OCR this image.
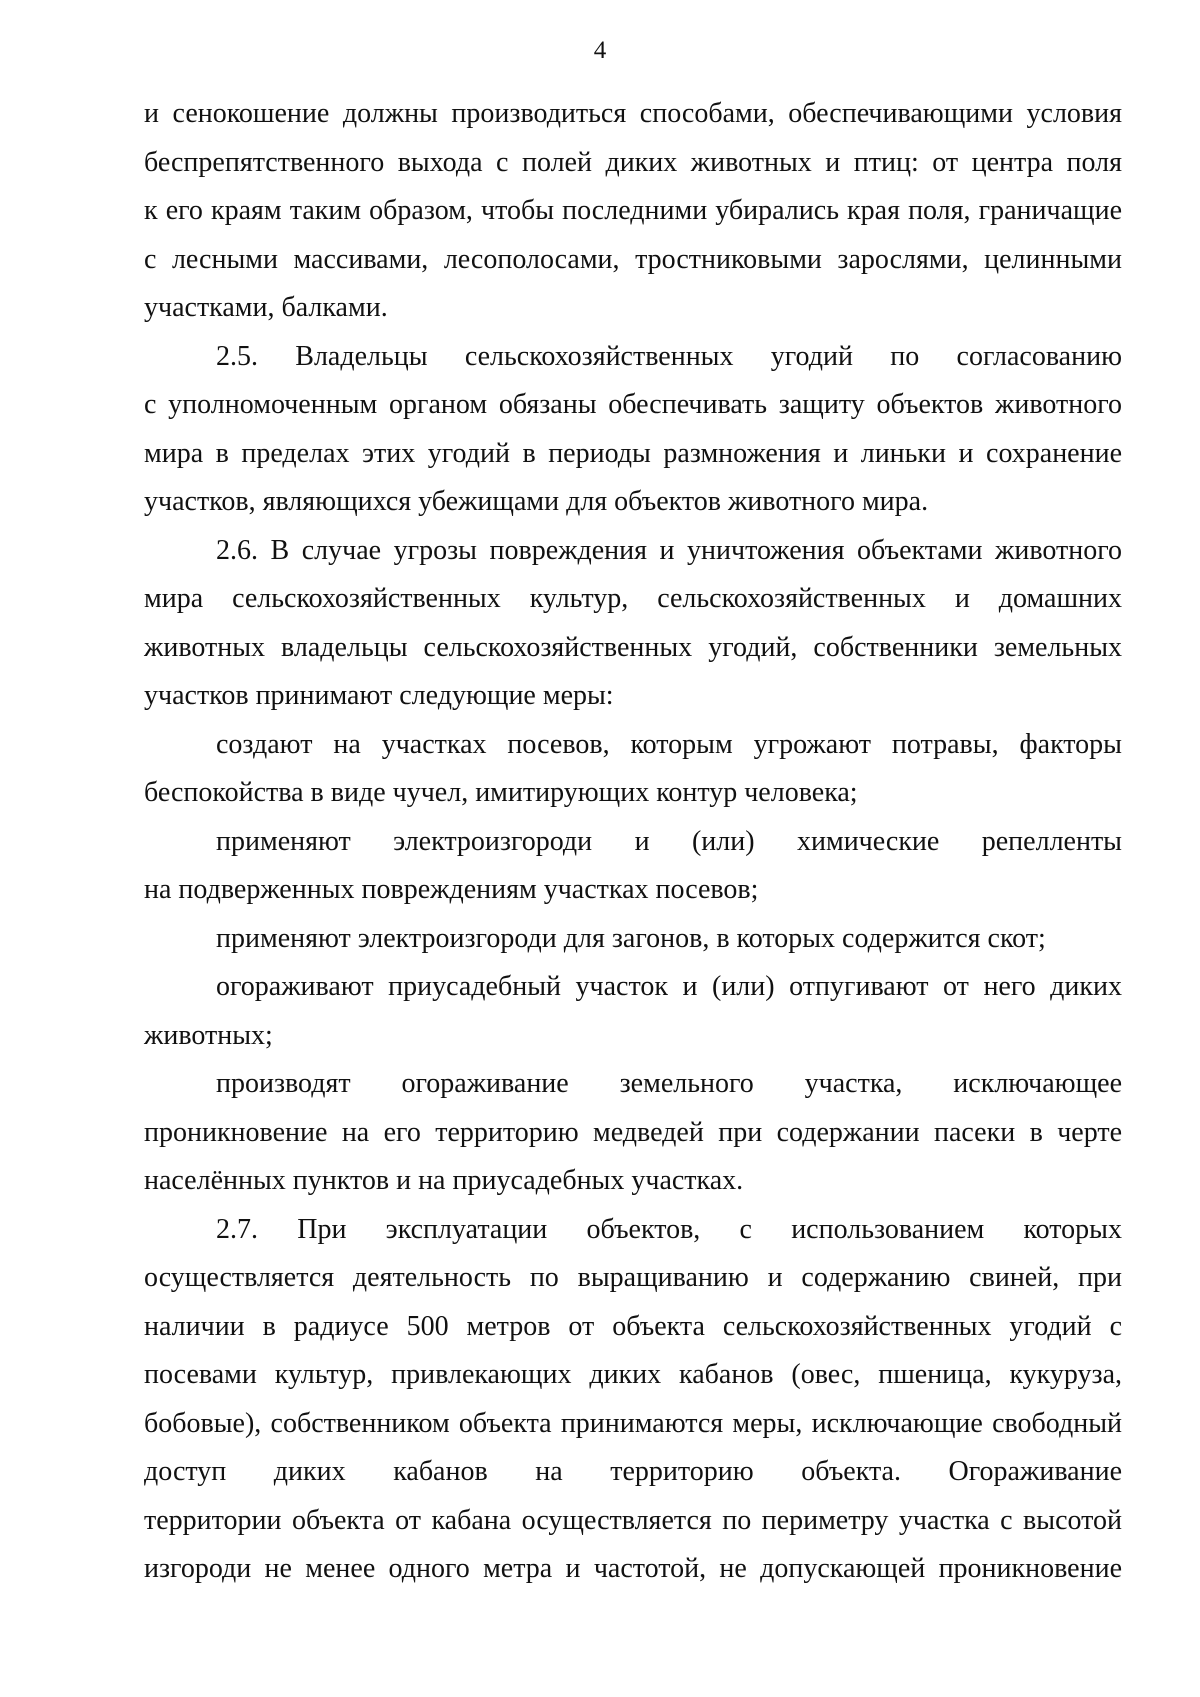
4
и сенокошение должны производиться способами, обеспечивающими условия
беспрепятственного выхода с полей диких животных и птиц: от центра поля
к его краям таким образом, чтобы последними убирались края поля, граничащие
с лесными массивами, лесополосами, тростниковыми зарослями, целинными
участками, балками.
2.5. Владельцы сельскохозяйственных угодий по согласованию
с уполномоченным органом обязаны обеспечивать защиту объектов животного
мира в пределах этих угодий в периоды размножения и линьки и сохранение
участков, являющихся убежищами для объектов животного мира.
2.6. В случае угрозы повреждения и уничтожения объектами животного
мира сельскохозяйственных культур, сельскохозяйственных и домашних
животных владельцы сельскохозяйственных угодий, собственники земельных
участков принимают следующие меры:
создают на участках посевов, которым угрожают потравы, факторы
беспокойства в виде чучел, имитирующих контур человека;
применяют электроизгороди и (или) химические репелленты
на подверженных повреждениям участках посевов;
применяют электроизгороди для загонов, в которых содержится скот;
огораживают приусадебный участок и (или) отпугивают от него диких
животных;
производят огораживание земельного участка, исключающее
проникновение на его территорию медведей при содержании пасеки в черте
населённых пунктов и на приусадебных участках.
2.7. При эксплуатации объектов, с использованием которых
осуществляется деятельность по выращиванию и содержанию свиней, при
наличии в радиусе 500 метров от объекта сельскохозяйственных угодий с
посевами культур, привлекающих диких кабанов (овес, пшеница, кукуруза,
бобовые), собственником объекта принимаются меры, исключающие свободный
доступ диких кабанов на территорию объекта. Огораживание
территории объекта от кабана осуществляется по периметру участка с высотой
изгороди не менее одного метра и частотой, не допускающей проникновение
